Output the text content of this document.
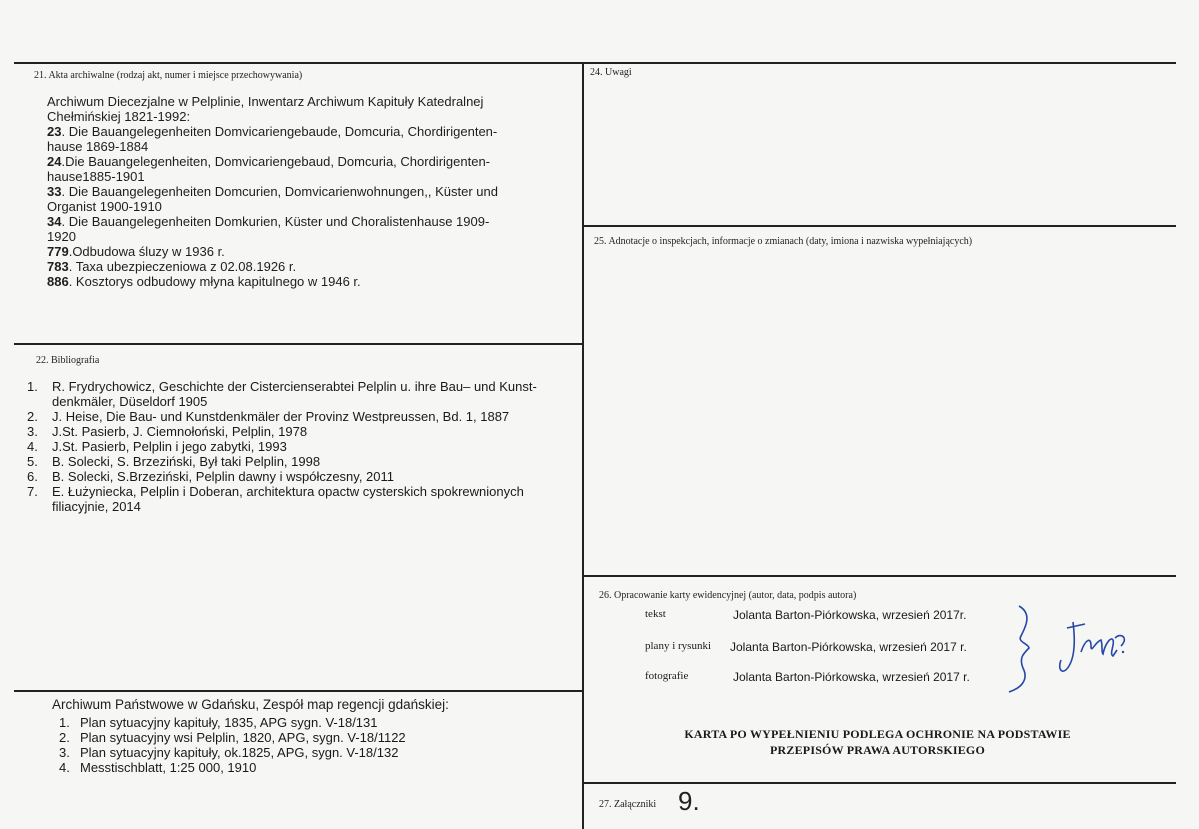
21. Akta archiwalne (rodzaj akt, numer i miejsce przechowywania)
Archiwum Diecezjalne w Pelplinie, Inwentarz Archiwum Kapituły Katedralnej
Chełmińskiej 1821-1992:
23. Die Bauangelegenheiten Domvicariengebaude, Domcuria, Chordirigenten-
hause 1869-1884
24.Die Bauangelegenheiten, Domvicariengebaud, Domcuria, Chordirigenten-
hause1885-1901
33. Die Bauangelegenheiten Domcurien, Domvicarienwohnungen,, Küster und
Organist 1900-1910
34. Die Bauangelegenheiten Domkurien, Küster und Choralistenhause 1909-
1920
779.Odbudowa śluzy w 1936 r.
783. Taxa ubezpieczeniowa z 02.08.1926 r.
886. Kosztorys odbudowy młyna kapitulnego w 1946 r.
22. Bibliografia
1. R. Frydrychowicz, Geschichte der Cistercienserabtei Pelplin u. ihre Bau– und Kunst-
denkmäler, Düseldorf 1905
2. J. Heise, Die Bau- und Kunstdenkmäler der Provinz Westpreussen, Bd. 1, 1887
3. J.St. Pasierb, J. Ciemnołoński, Pelplin, 1978
4. J.St. Pasierb, Pelplin i jego zabytki, 1993
5. B. Solecki, S. Brzeziński, Był taki Pelplin, 1998
6. B. Solecki, S.Brzeziński, Pelplin dawny i współczesny, 2011
7. E. Łużyniecka, Pelplin i Doberan, architektura opactw cysterskich spokrewnionych
filiacyjnie, 2014
Archiwum Państwowe w Gdańsku, Zespół map regencji gdańskiej:
1. Plan sytuacyjny kapituły, 1835, APG sygn. V-18/131
2. Plan sytuacyjny wsi Pelplin, 1820, APG, sygn. V-18/1122
3. Plan sytuacyjny kapituły, ok.1825, APG, sygn. V-18/132
4. Messtischblatt, 1:25 000, 1910
24. Uwagi
25. Adnotacje o inspekcjach, informacje o zmianach (daty, imiona i nazwiska wypełniających)
26. Opracowanie karty ewidencyjnej (autor, data, podpis autora)
tekst	Jolanta Barton-Piórkowska, wrzesień 2017r.
plany i rysunki Jolanta Barton-Piórkowska, wrzesień 2017 r.
fotografie	Jolanta Barton-Piórkowska, wrzesień 2017 r.
KARTA PO WYPEŁNIENIU PODLEGA OCHRONIE NA PODSTAWIE
PRZEPISÓW PRAWA AUTORSKIEGO
27. Załączniki 9.
